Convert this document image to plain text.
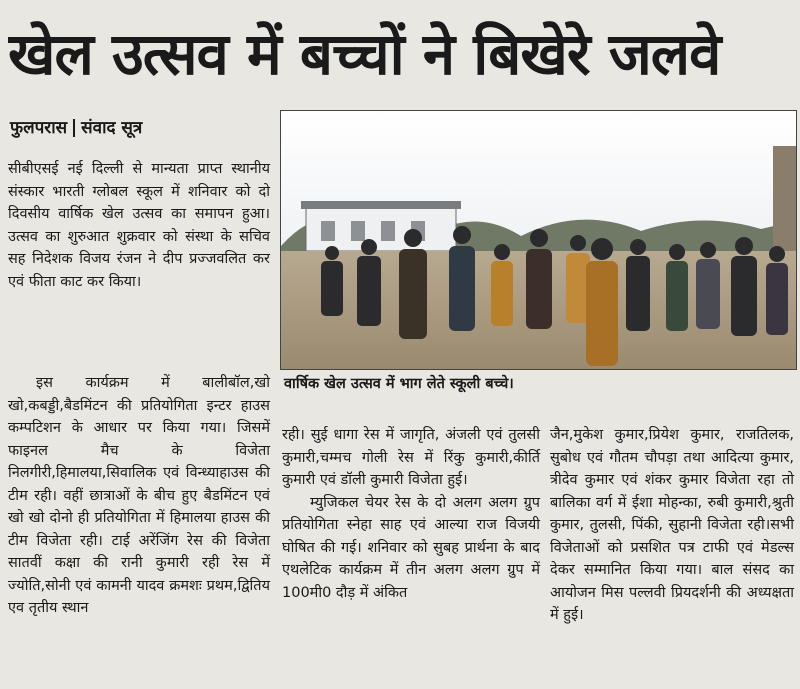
खेल उत्सव में बच्चों ने बिखेरे जलवे
फुलपरास संवाद सूत्र

सीबीएसई नई दिल्ली से मान्यता प्राप्त स्थानीय संस्कार भारती ग्लोबल स्कूल में शनिवार को दो दिवसीय वार्षिक खेल उत्सव का समापन हुआ। उत्सव का शुरुआत शुक्रवार को संस्था के सचिव सह निदेशक विजय रंजन ने दीप प्रज्जवलित कर एवं फीता काट कर किया।

इस कार्यक्रम में बालीबॉल,खो खो,कबड्डी,बैडमिंटन की प्रतियोगिता इन्टर हाउस कम्पटिशन के आधार पर किया गया। जिसमें फाइनल मैच के विजेता निलगीरी,हिमालया,सिवालिक एवं विन्ध्याहाउस की टीम रही। वहीं छात्राओं के बीच हुए बैडमिंटन एवं खो खो दोनो ही प्रतियोगिता में हिमालया हाउस की टीम विजेता रही। टाई अरेंजिंग रेस की विजेता सातवीं कक्षा की रानी कुमारी रही रेस में ज्योति,सोनी एवं कामनी यादव क्रमशः प्रथम,द्वितिय एव तृतीय स्थान

वार्षिक खेल उत्सव में भाग लेते स्कूली बच्चे।

रही। सुई धागा रेस में जागृति, अंजली एवं तुलसी कुमारी,चम्मच गोली रेस में रिंकु कुमारी,कीर्ति कुमारी एवं डॉली कुमारी विजेता हुई।

म्युजिकल चेयर रेस के दो अलग अलग ग्रुप प्रतियोगिता स्नेहा साह एवं आल्या राज विजयी घोषित की गई। शनिवार को सुबह प्रार्थना के बाद एथलेटिक कार्यक्रम में तीन अलग अलग ग्रुप में 100मी0 दौड़ में अंकित

जैन,मुकेश कुमार,प्रियेश कुमार, राजतिलक, सुबोध एवं गौतम चौपड़ा तथा आदित्या कुमार, त्रीदेव कुमार एवं शंकर कुमार विजेता रहा तो बालिका वर्ग में ईशा मोहन्का, रुबी कुमारी,श्रुती कुमार, तुलसी, पिंकी, सुहानी विजेता रही।सभी विजेताओं को प्रसशित पत्र टाफी एवं मेडल्स देकर सम्मानित किया गया। बाल संसद का आयोजन मिस पल्लवी प्रियदर्शनी की अध्यक्षता में हुई।
